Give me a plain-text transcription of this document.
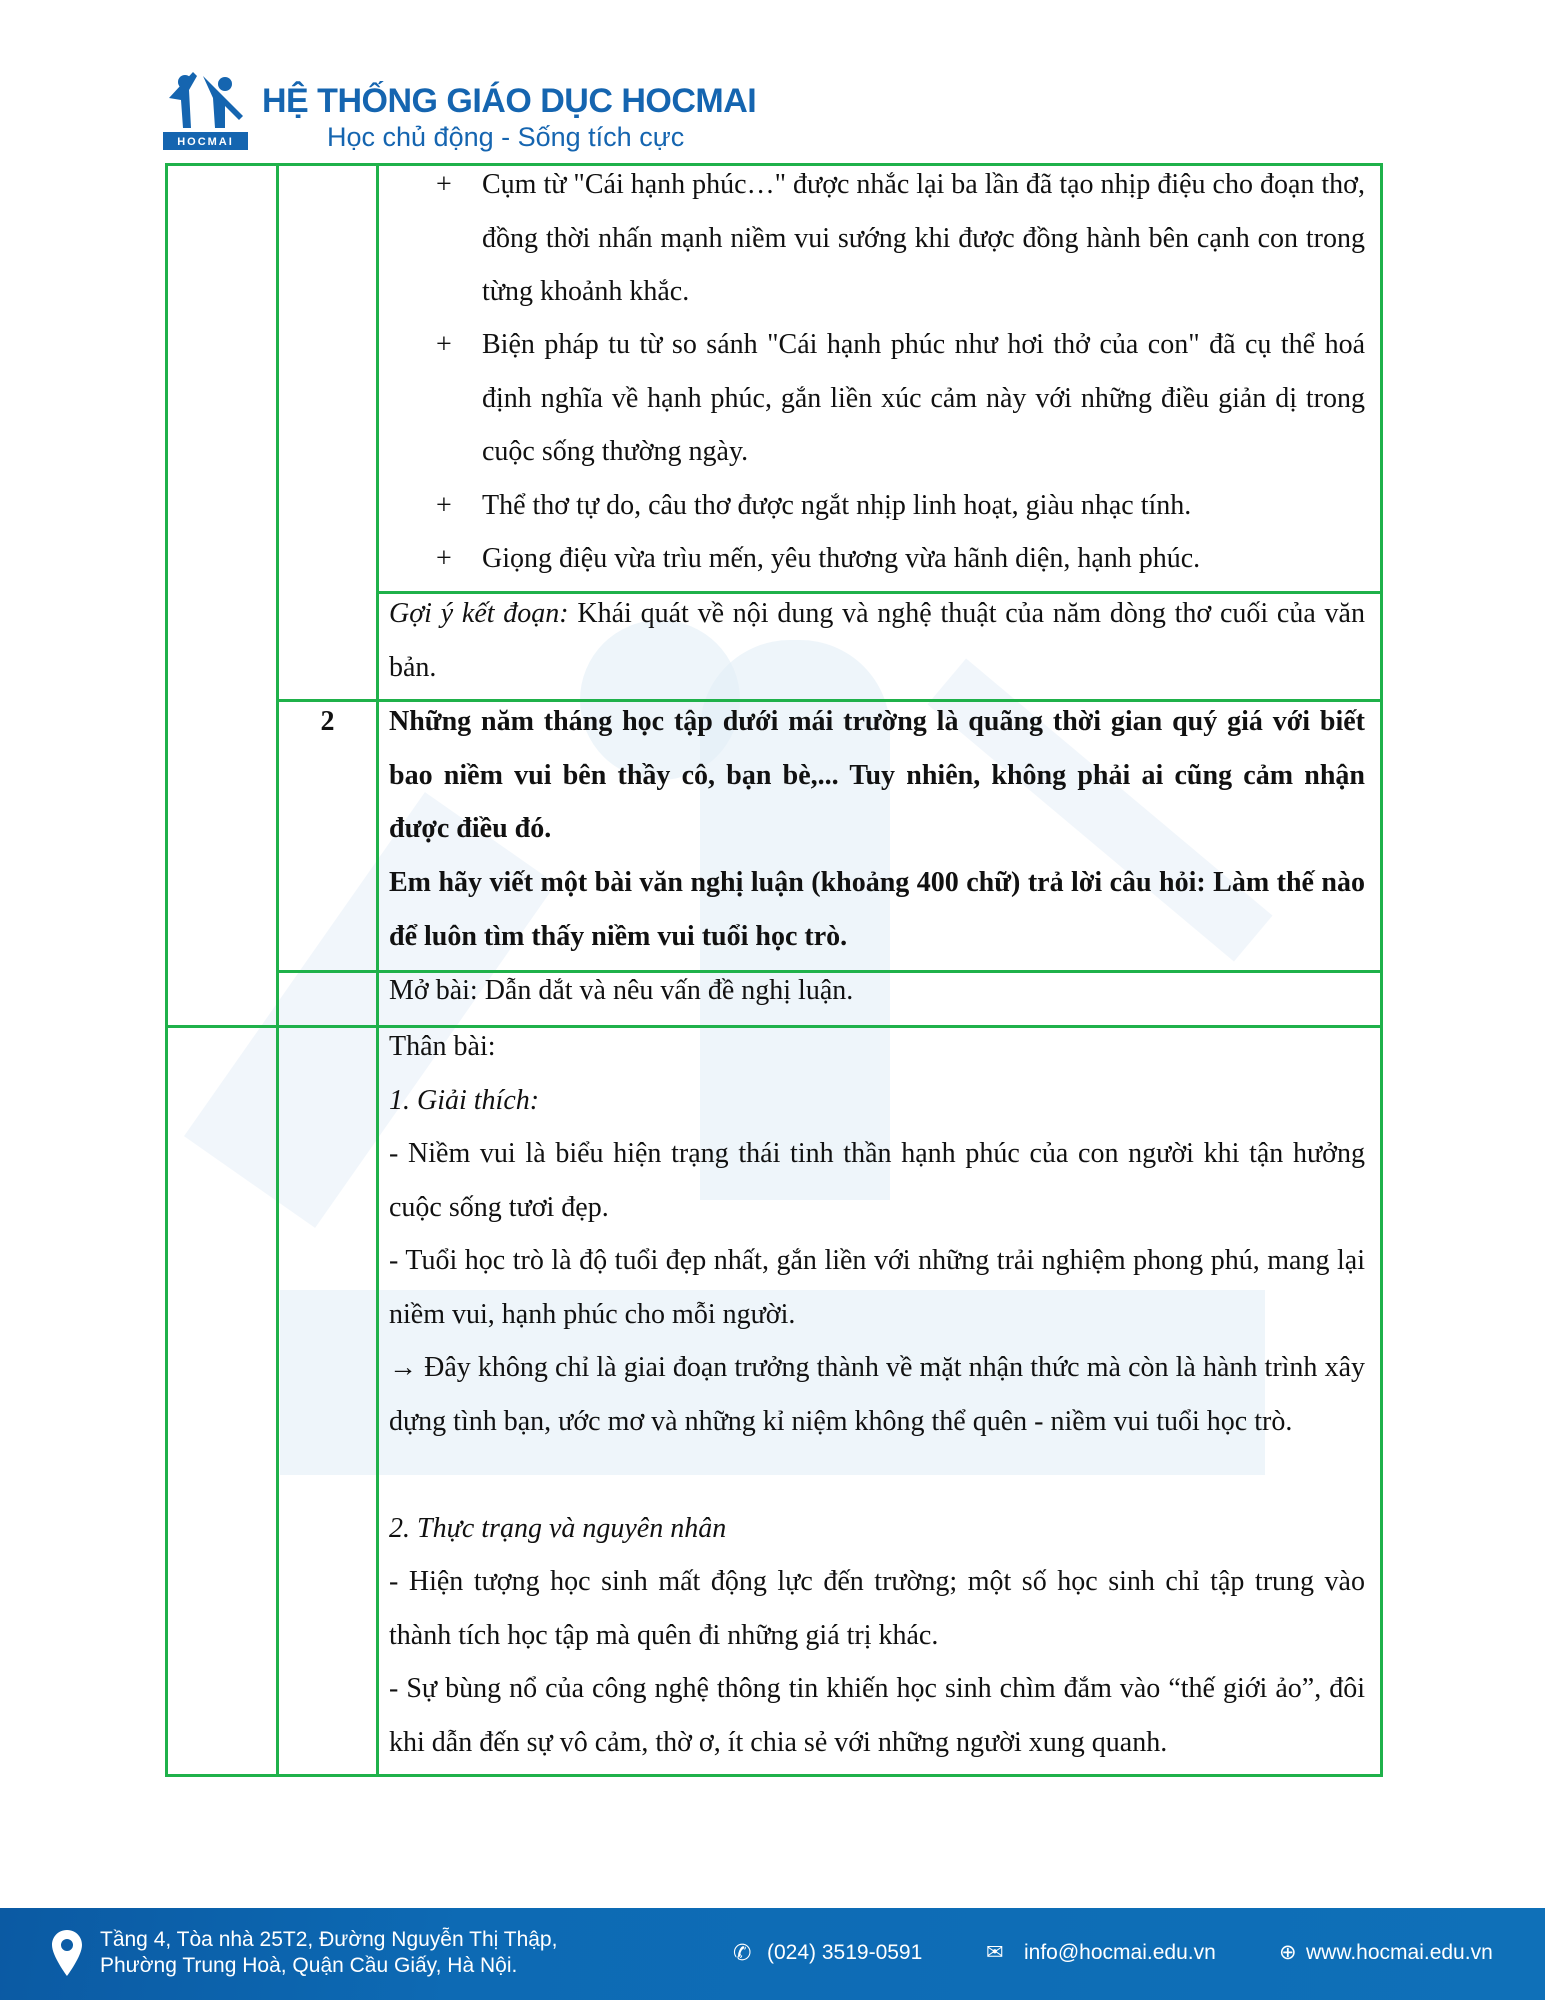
HOCMAI
HỆ THỐNG GIÁO DỤC HOCMAI
Học chủ động - Sống tích cực
+ Cụm từ "Cái hạnh phúc…" được nhắc lại ba lần đã tạo nhịp điệu cho đoạn thơ, đồng thời nhấn mạnh niềm vui sướng khi được đồng hành bên cạnh con trong từng khoảnh khắc.
+ Biện pháp tu từ so sánh "Cái hạnh phúc như hơi thở của con" đã cụ thể hoá định nghĩa về hạnh phúc, gắn liền xúc cảm này với những điều giản dị trong cuộc sống thường ngày.
+ Thể thơ tự do, câu thơ được ngắt nhịp linh hoạt, giàu nhạc tính.
+ Giọng điệu vừa trìu mến, yêu thương vừa hãnh diện, hạnh phúc.
Gợi ý kết đoạn: Khái quát về nội dung và nghệ thuật của năm dòng thơ cuối của văn bản.
2	Những năm tháng học tập dưới mái trường là quãng thời gian quý giá với biết bao niềm vui bên thầy cô, bạn bè,... Tuy nhiên, không phải ai cũng cảm nhận được điều đó.
Em hãy viết một bài văn nghị luận (khoảng 400 chữ) trả lời câu hỏi: Làm thế nào để luôn tìm thấy niềm vui tuổi học trò.
Mở bài: Dẫn dắt và nêu vấn đề nghị luận.
Thân bài:
1. Giải thích:
- Niềm vui là biểu hiện trạng thái tinh thần hạnh phúc của con người khi tận hưởng cuộc sống tươi đẹp.
- Tuổi học trò là độ tuổi đẹp nhất, gắn liền với những trải nghiệm phong phú, mang lại niềm vui, hạnh phúc cho mỗi người.
→ Đây không chỉ là giai đoạn trưởng thành về mặt nhận thức mà còn là hành trình xây dựng tình bạn, ước mơ và những kỉ niệm không thể quên - niềm vui tuổi học trò.
2. Thực trạng và nguyên nhân
- Hiện tượng học sinh mất động lực đến trường; một số học sinh chỉ tập trung vào thành tích học tập mà quên đi những giá trị khác.
- Sự bùng nổ của công nghệ thông tin khiến học sinh chìm đắm vào “thế giới ảo”, đôi khi dẫn đến sự vô cảm, thờ ơ, ít chia sẻ với những người xung quanh.
Tầng 4, Tòa nhà 25T2, Đường Nguyễn Thị Thập,
Phường Trung Hoà, Quận Cầu Giấy, Hà Nội.
✆ (024) 3519-0591	✉ info@hocmai.edu.vn	⊕ www.hocmai.edu.vn
